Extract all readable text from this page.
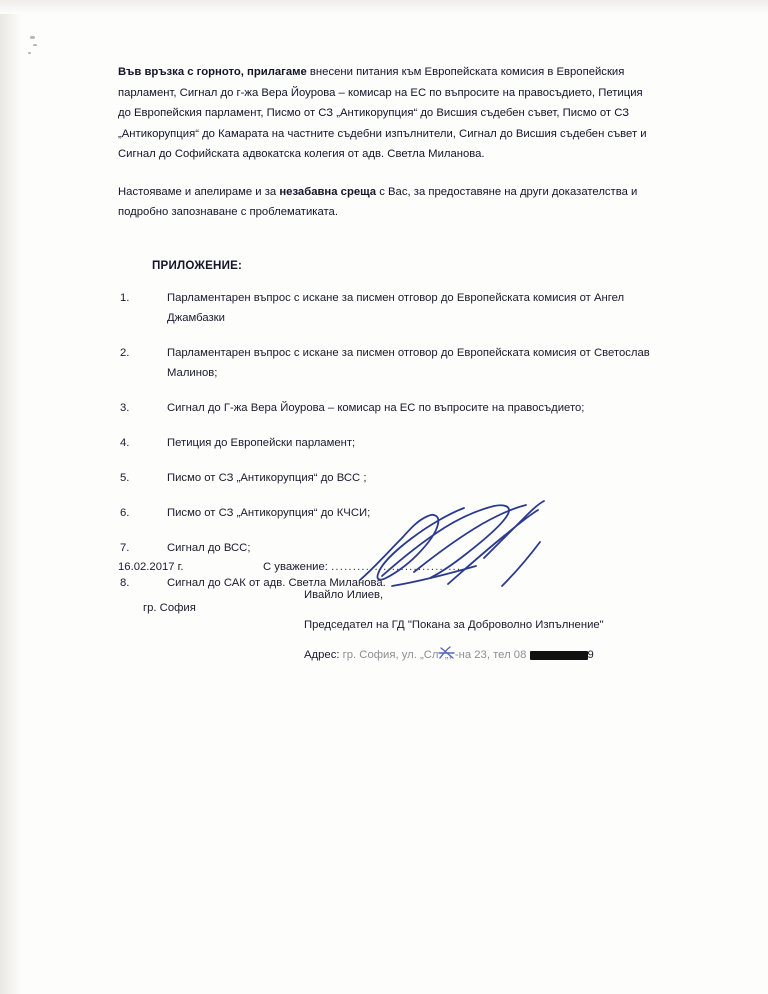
Във връзка с горното, прилагаме внесени питания към Европейската комисия в Европейския парламент, Сигнал до г-жа Вера Йоурова – комисар на ЕС по въпросите на правосъдието, Петиция до Европейския парламент, Писмо от СЗ „Антикорупция“ до Висшия съдебен съвет, Писмо от СЗ „Антикорупция“ до Камарата на частните съдебни изпълнители, Сигнал до Висшия съдебен съвет и Сигнал до Софийската адвокатска колегия от адв. Светла Миланова.

Настояваме и апелираме и за незабавна среща с Вас, за предоставяне на други доказателства и подробно запознаване с проблематиката.

ПРИЛОЖЕНИЕ:
1.	Парламентарен въпрос с искане за писмен отговор до Европейската комисия от Ангел Джамбазки
2.	Парламентарен въпрос с искане за писмен отговор до Европейската комисия от Светослав Малинов;
3.	Сигнал до Г-жа Вера Йоурова – комисар на ЕС по въпросите на правосъдието;
4.	Петиция до Европейски парламент;
5.	Писмо от СЗ „Антикорупция“ до ВСС ;
6.	Писмо от СЗ „Антикорупция“ до КЧСИ;
7.	Сигнал до ВСС;
8.	Сигнал до САК от адв. Светла Миланова.
16.02.2017 г.	С уважение: ..............................
гр. София
Ивайло Илиев,
Председател на ГД "Покана за Доброволно Изпълнение"
Адрес: гр. София, ул. „Сл. „, -на 23, тел 08	9
